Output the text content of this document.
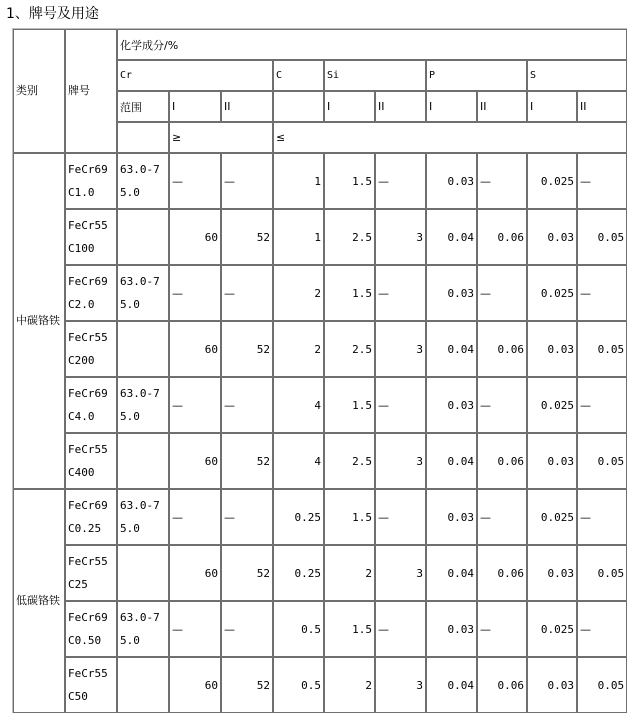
1、牌号及用途
类别	牌号	化学成分/%									
		Cr			C	Si		P		S	
		范围	I	II		I	II	I	II	I	II
			≥		≤						
中碳铬铁	FeCr69C1.0	63.0-75.0	—	—	1	1.5	—	0.03	—	0.025	—
	FeCr55C100		60	52	1	2.5	3	0.04	0.06	0.03	0.05
	FeCr69C2.0	63.0-75.0	—	—	2	1.5	—	0.03	—	0.025	—
	FeCr55C200		60	52	2	2.5	3	0.04	0.06	0.03	0.05
	FeCr69C4.0	63.0-75.0	—	—	4	1.5	—	0.03	—	0.025	—
	FeCr55C400		60	52	4	2.5	3	0.04	0.06	0.03	0.05
低碳铬铁	FeCr69C0.25	63.0-75.0	—	—	0.25	1.5	—	0.03	—	0.025	—
	FeCr55C25		60	52	0.25	2	3	0.04	0.06	0.03	0.05
	FeCr69C0.50	63.0-75.0	—	—	0.5	1.5	—	0.03	—	0.025	—
	FeCr55C50		60	52	0.5	2	3	0.04	0.06	0.03	0.05
